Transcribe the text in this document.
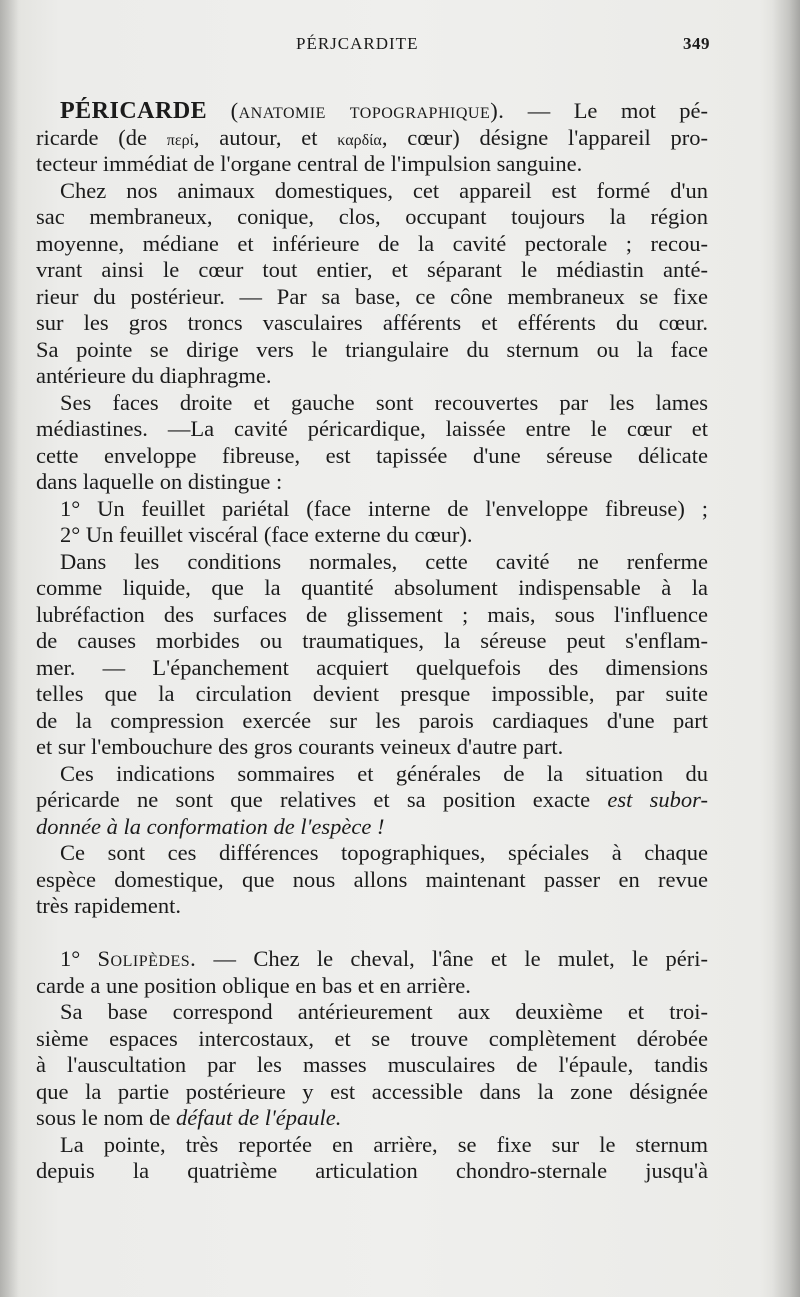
PÉRJCARDITE	349
PÉRICARDE (anatomie topographique). — Le mot pé-
ricarde (de περί, autour, et καρδία, cœur) désigne l'appareil pro-
tecteur immédiat de l'organe central de l'impulsion sanguine.
Chez nos animaux domestiques, cet appareil est formé d'un
sac membraneux, conique, clos, occupant toujours la région
moyenne, médiane et inférieure de la cavité pectorale ; recou-
vrant ainsi le cœur tout entier, et séparant le médiastin anté-
rieur du postérieur. — Par sa base, ce cône membraneux se fixe
sur les gros troncs vasculaires afférents et efférents du cœur.
Sa pointe se dirige vers le triangulaire du sternum ou la face
antérieure du diaphragme.
Ses faces droite et gauche sont recouvertes par les lames
médiastines. —La cavité péricardique, laissée entre le cœur et
cette enveloppe fibreuse, est tapissée d'une séreuse délicate
dans laquelle on distingue :
1° Un feuillet pariétal (face interne de l'enveloppe fibreuse) ;
2° Un feuillet viscéral (face externe du cœur).
Dans les conditions normales, cette cavité ne renferme
comme liquide, que la quantité absolument indispensable à la
lubréfaction des surfaces de glissement ; mais, sous l'influence
de causes morbides ou traumatiques, la séreuse peut s'enflam-
mer. — L'épanchement acquiert quelquefois des dimensions
telles que la circulation devient presque impossible, par suite
de la compression exercée sur les parois cardiaques d'une part
et sur l'embouchure des gros courants veineux d'autre part.
Ces indications sommaires et générales de la situation du
péricarde ne sont que relatives et sa position exacte est subor-
donnée à la conformation de l'espèce !
Ce sont ces différences topographiques, spéciales à chaque
espèce domestique, que nous allons maintenant passer en revue
très rapidement.
1° Solipèdes. — Chez le cheval, l'âne et le mulet, le péri-
carde a une position oblique en bas et en arrière.
Sa base correspond antérieurement aux deuxième et troi-
sième espaces intercostaux, et se trouve complètement dérobée
à l'auscultation par les masses musculaires de l'épaule, tandis
que la partie postérieure y est accessible dans la zone désignée
sous le nom de défaut de l'épaule.
La pointe, très reportée en arrière, se fixe sur le sternum
depuis la quatrième articulation chondro-sternale jusqu'à
